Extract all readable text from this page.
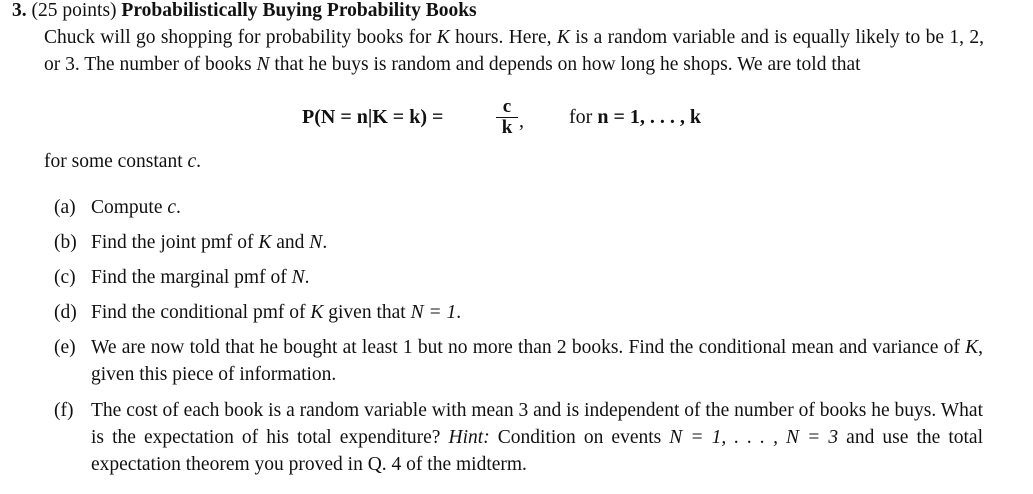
3. (25 points) Probabilistically Buying Probability Books
Chuck will go shopping for probability books for K hours. Here, K is a random variable and is equally likely to be 1, 2, or 3. The number of books N that he buys is random and depends on how long he shops. We are told that
P(N = n|K = k) =	$\frac{c}{k}$ , for n = 1, . . . , k
for some constant c.
(a) Compute c.
(b) Find the joint pmf of K and N.
(c) Find the marginal pmf of N.
(d) Find the conditional pmf of K given that N = 1.
(e) We are now told that he bought at least 1 but no more than 2 books. Find the conditional mean and variance of K, given this piece of information.
(f) The cost of each book is a random variable with mean 3 and is independent of the number of books he buys. What is the expectation of his total expenditure? Hint: Condition on events N = 1, . . . , N = 3 and use the total expectation theorem you proved in Q. 4 of the midterm.
